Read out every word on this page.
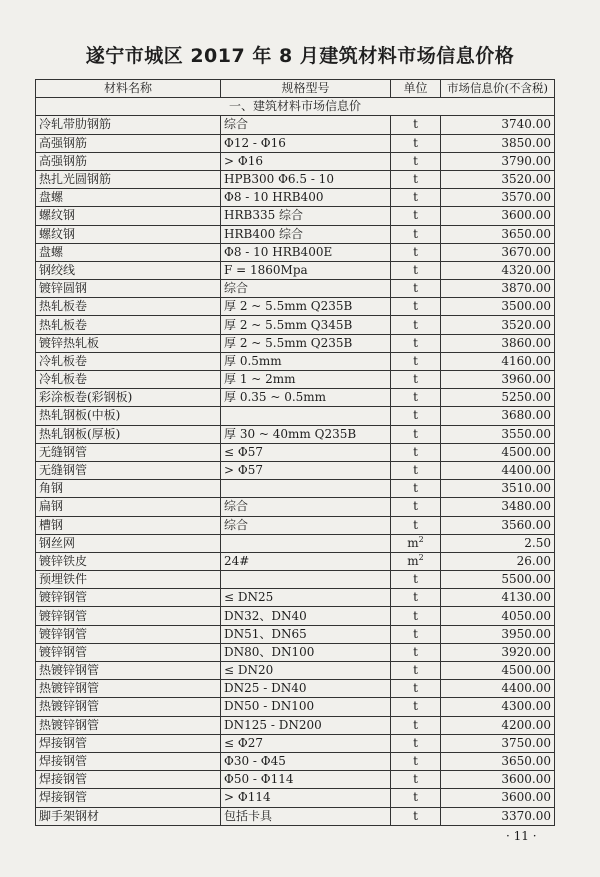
遂宁市城区 2017 年 8 月建筑材料市场信息价格
材料名称	规格型号	单位	市场信息价(不含税)
一、建筑材料市场信息价			
冷轧带肋钢筋	综合	t	3740.00
高强钢筋	Φ12 - Φ16	t	3850.00
高强钢筋	> Φ16	t	3790.00
热扎光圆钢筋	HPB300 Φ6.5 - 10	t	3520.00
盘螺	Φ8 - 10 HRB400	t	3570.00
螺纹钢	HRB335 综合	t	3600.00
螺纹钢	HRB400 综合	t	3650.00
盘螺	Φ8 - 10 HRB400E	t	3670.00
钢绞线	F = 1860Mpa	t	4320.00
镀锌圆钢	综合	t	3870.00
热轧板卷	厚 2 ~ 5.5mm Q235B	t	3500.00
热轧板卷	厚 2 ~ 5.5mm Q345B	t	3520.00
镀锌热轧板	厚 2 ~ 5.5mm Q235B	t	3860.00
冷轧板卷	厚 0.5mm	t	4160.00
冷轧板卷	厚 1 ~ 2mm	t	3960.00
彩涂板卷(彩钢板)	厚 0.35 ~ 0.5mm	t	5250.00
热轧钢板(中板)		t	3680.00
热轧钢板(厚板)	厚 30 ~ 40mm Q235B	t	3550.00
无缝钢管	≤ Φ57	t	4500.00
无缝钢管	> Φ57	t	4400.00
角钢		t	3510.00
扁钢	综合	t	3480.00
槽钢	综合	t	3560.00
钢丝网		$m^2$	2.50
镀锌铁皮	24#	$m^2$	26.00
预埋铁件		t	5500.00
镀锌钢管	≤ DN25	t	4130.00
镀锌钢管	DN32、DN40	t	4050.00
镀锌钢管	DN51、DN65	t	3950.00
镀锌钢管	DN80、DN100	t	3920.00
热镀锌钢管	≤ DN20	t	4500.00
热镀锌钢管	DN25 - DN40	t	4400.00
热镀锌钢管	DN50 - DN100	t	4300.00
热镀锌钢管	DN125 - DN200	t	4200.00
焊接钢管	≤ Φ27	t	3750.00
焊接钢管	Φ30 - Φ45	t	3650.00
焊接钢管	Φ50 - Φ114	t	3600.00
焊接钢管	> Φ114	t	3600.00
脚手架钢材	包括卡具	t	3370.00
· 11 ·
